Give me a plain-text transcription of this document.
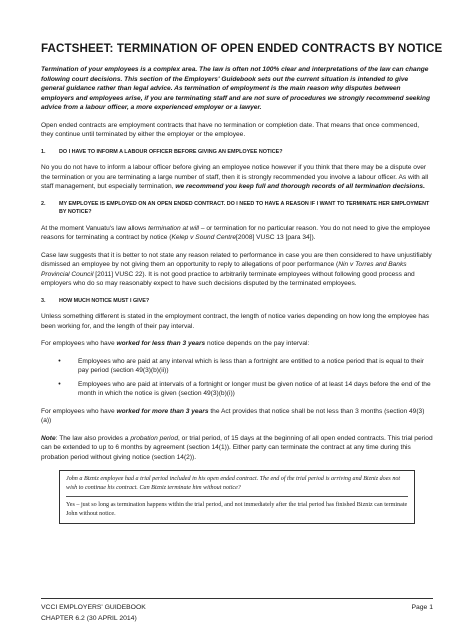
FACTSHEET: TERMINATION OF OPEN ENDED CONTRACTS BY NOTICE

Termination of your employees is a complex area. The law is often not 100% clear and interpretations of the law can change following court decisions. This section of the Employers' Guidebook sets out the current situation is intended to give general guidance rather than legal advice. As termination of employment is the main reason why disputes between employers and employees arise, if you are terminating staff and are not sure of procedures we strongly recommend seeking advice from a labour officer, a more experienced employer or a lawyer.

Open ended contracts are employment contracts that have no termination or completion date. That means that once commenced, they continue until terminated by either the employer or the employee.

1.	DO I HAVE TO INFORM A LABOUR OFFICER BEFORE GIVING AN EMPLOYEE NOTICE?

No you do not have to inform a labour officer before giving an employee notice however if you think that there may be a dispute over the termination or you are terminating a large number of staff, then it is strongly recommended you involve a labour officer. As with all staff management, but especially termination, we recommend you keep full and thorough records of all termination decisions.

2.	MY EMPLOYEE IS EMPLOYED ON AN OPEN ENDED CONTRACT. DO I NEED TO HAVE A REASON IF I WANT TO TERMINATE HER EMPLOYMENT BY NOTICE?

At the moment Vanuatu's law allows termination at will – or termination for no particular reason. You do not need to give the employee reasons for terminating a contract by notice (Kelep v Sound Centre[2008] VUSC 13 [para 34]).

Case law suggests that it is better to not state any reason related to performance in case you are then considered to have unjustifiably dismissed an employee by not giving them an opportunity to reply to allegations of poor performance (Nin v Torres and Banks Provincial Council [2011] VUSC 22). It is not good practice to arbitrarily terminate employees without following good process and employers who do so may reasonably expect to have such decisions disputed by the terminated employees.

3.	HOW MUCH NOTICE MUST I GIVE?

Unless something different is stated in the employment contract, the length of notice varies depending on how long the employee has been working for, and the length of their pay interval.

For employees who have worked for less than 3 years notice depends on the pay interval:

•	Employees who are paid at any interval which is less than a fortnight are entitled to a notice period that is equal to their pay period (section 49(3)(b)(ii))
•	Employees who are paid at intervals of a fortnight or longer must be given notice of at least 14 days before the end of the month in which the notice is given (section 49(3)(b)(i))

For employees who have worked for more than 3 years the Act provides that notice shall be not less than 3 months (section 49(3)(a))

Note: The law also provides a probation period, or trial period, of 15 days at the beginning of all open ended contracts. This trial period can be extended to up to 6 months by agreement (section 14(1)). Either party can terminate the contract at any time during this probation period without giving notice (section 14(2)).

John a Bizniz employee had a trial period included in his open ended contract. The end of the trial period is arriving and Bizniz does not wish to continue his contract. Can Bizniz terminate him without notice?
Yes – just so long as termination happens within the trial period, and not immediately after the trial period has finished Bizniz can terminate John without notice.
VCCI EMPLOYERS' GUIDEBOOK	Page 1
CHAPTER 6.2 (30 APRIL 2014)
